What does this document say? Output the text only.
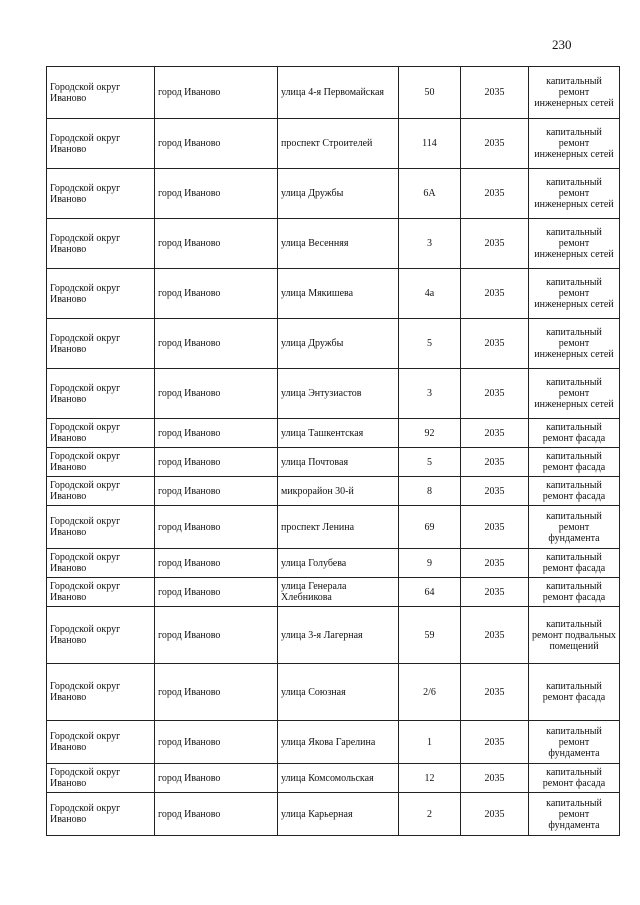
230
Городской округ Иваново	город Иваново	улица 4-я Первомайская	50	2035	капитальный ремонт инженерных сетей
Городской округ Иваново	город Иваново	проспект Строителей	114	2035	капитальный ремонт инженерных сетей
Городской округ Иваново	город Иваново	улица Дружбы	6А	2035	капитальный ремонт инженерных сетей
Городской округ Иваново	город Иваново	улица Весенняя	3	2035	капитальный ремонт инженерных сетей
Городской округ Иваново	город Иваново	улица Мякишева	4а	2035	капитальный ремонт инженерных сетей
Городской округ Иваново	город Иваново	улица Дружбы	5	2035	капитальный ремонт инженерных сетей
Городской округ Иваново	город Иваново	улица Энтузиастов	3	2035	капитальный ремонт инженерных сетей
Городской округ Иваново	город Иваново	улица Ташкентская	92	2035	капитальный ремонт фасада
Городской округ Иваново	город Иваново	улица Почтовая	5	2035	капитальный ремонт фасада
Городской округ Иваново	город Иваново	микрорайон 30-й	8	2035	капитальный ремонт фасада
Городской округ Иваново	город Иваново	проспект Ленина	69	2035	капитальный ремонт фундамента
Городской округ Иваново	город Иваново	улица Голубева	9	2035	капитальный ремонт фасада
Городской округ Иваново	город Иваново	улица Генерала Хлебникова	64	2035	капитальный ремонт фасада
Городской округ Иваново	город Иваново	улица 3-я Лагерная	59	2035	капитальный ремонт подвальных помещений
Городской округ Иваново	город Иваново	улица Союзная	2/6	2035	капитальный ремонт фасада
Городской округ Иваново	город Иваново	улица Якова Гарелина	1	2035	капитальный ремонт фундамента
Городской округ Иваново	город Иваново	улица Комсомольская	12	2035	капитальный ремонт фасада
Городской округ Иваново	город Иваново	улица Карьерная	2	2035	капитальный ремонт фундамента
